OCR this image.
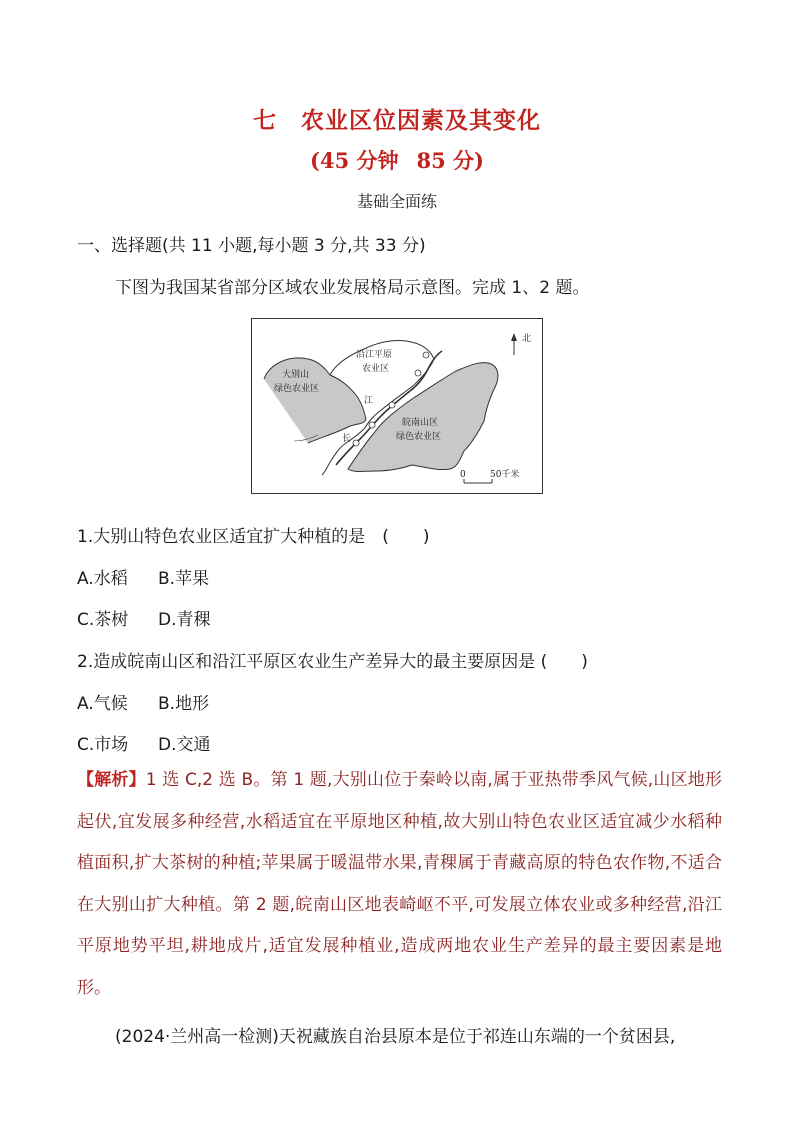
七　农业区位因素及其变化
(45 分钟 85 分)
基础全面练
一、选择题(共 11 小题,每小题 3 分,共 33 分)
下图为我国某省部分区域农业发展格局示意图。完成 1、2 题。
大别山
绿色农业区
沿江平原
农业区
皖南山区
绿色农业区
江
长
北
0	50千米
1.大别山特色农业区适宜扩大种植的是　(　　)
A.水稻 B.苹果
C.茶树 D.青稞
2.造成皖南山区和沿江平原区农业生产差异大的最主要原因是 (　　)
A.气候 B.地形
C.市场 D.交通
【解析】1 选 C,2 选 B。第 1 题,大别山位于秦岭以南,属于亚热带季风气候,山区地形起伏,宜发展多种经营,水稻适宜在平原地区种植,故大别山特色农业区适宜减少水稻种植面积,扩大茶树的种植;苹果属于暖温带水果,青稞属于青藏高原的特色农作物,不适合在大别山扩大种植。第 2 题,皖南山区地表崎岖不平,可发展立体农业或多种经营,沿江平原地势平坦,耕地成片,适宜发展种植业,造成两地农业生产差异的最主要因素是地形。
(2024·兰州高一检测)天祝藏族自治县原本是位于祁连山东端的一个贫困县,
